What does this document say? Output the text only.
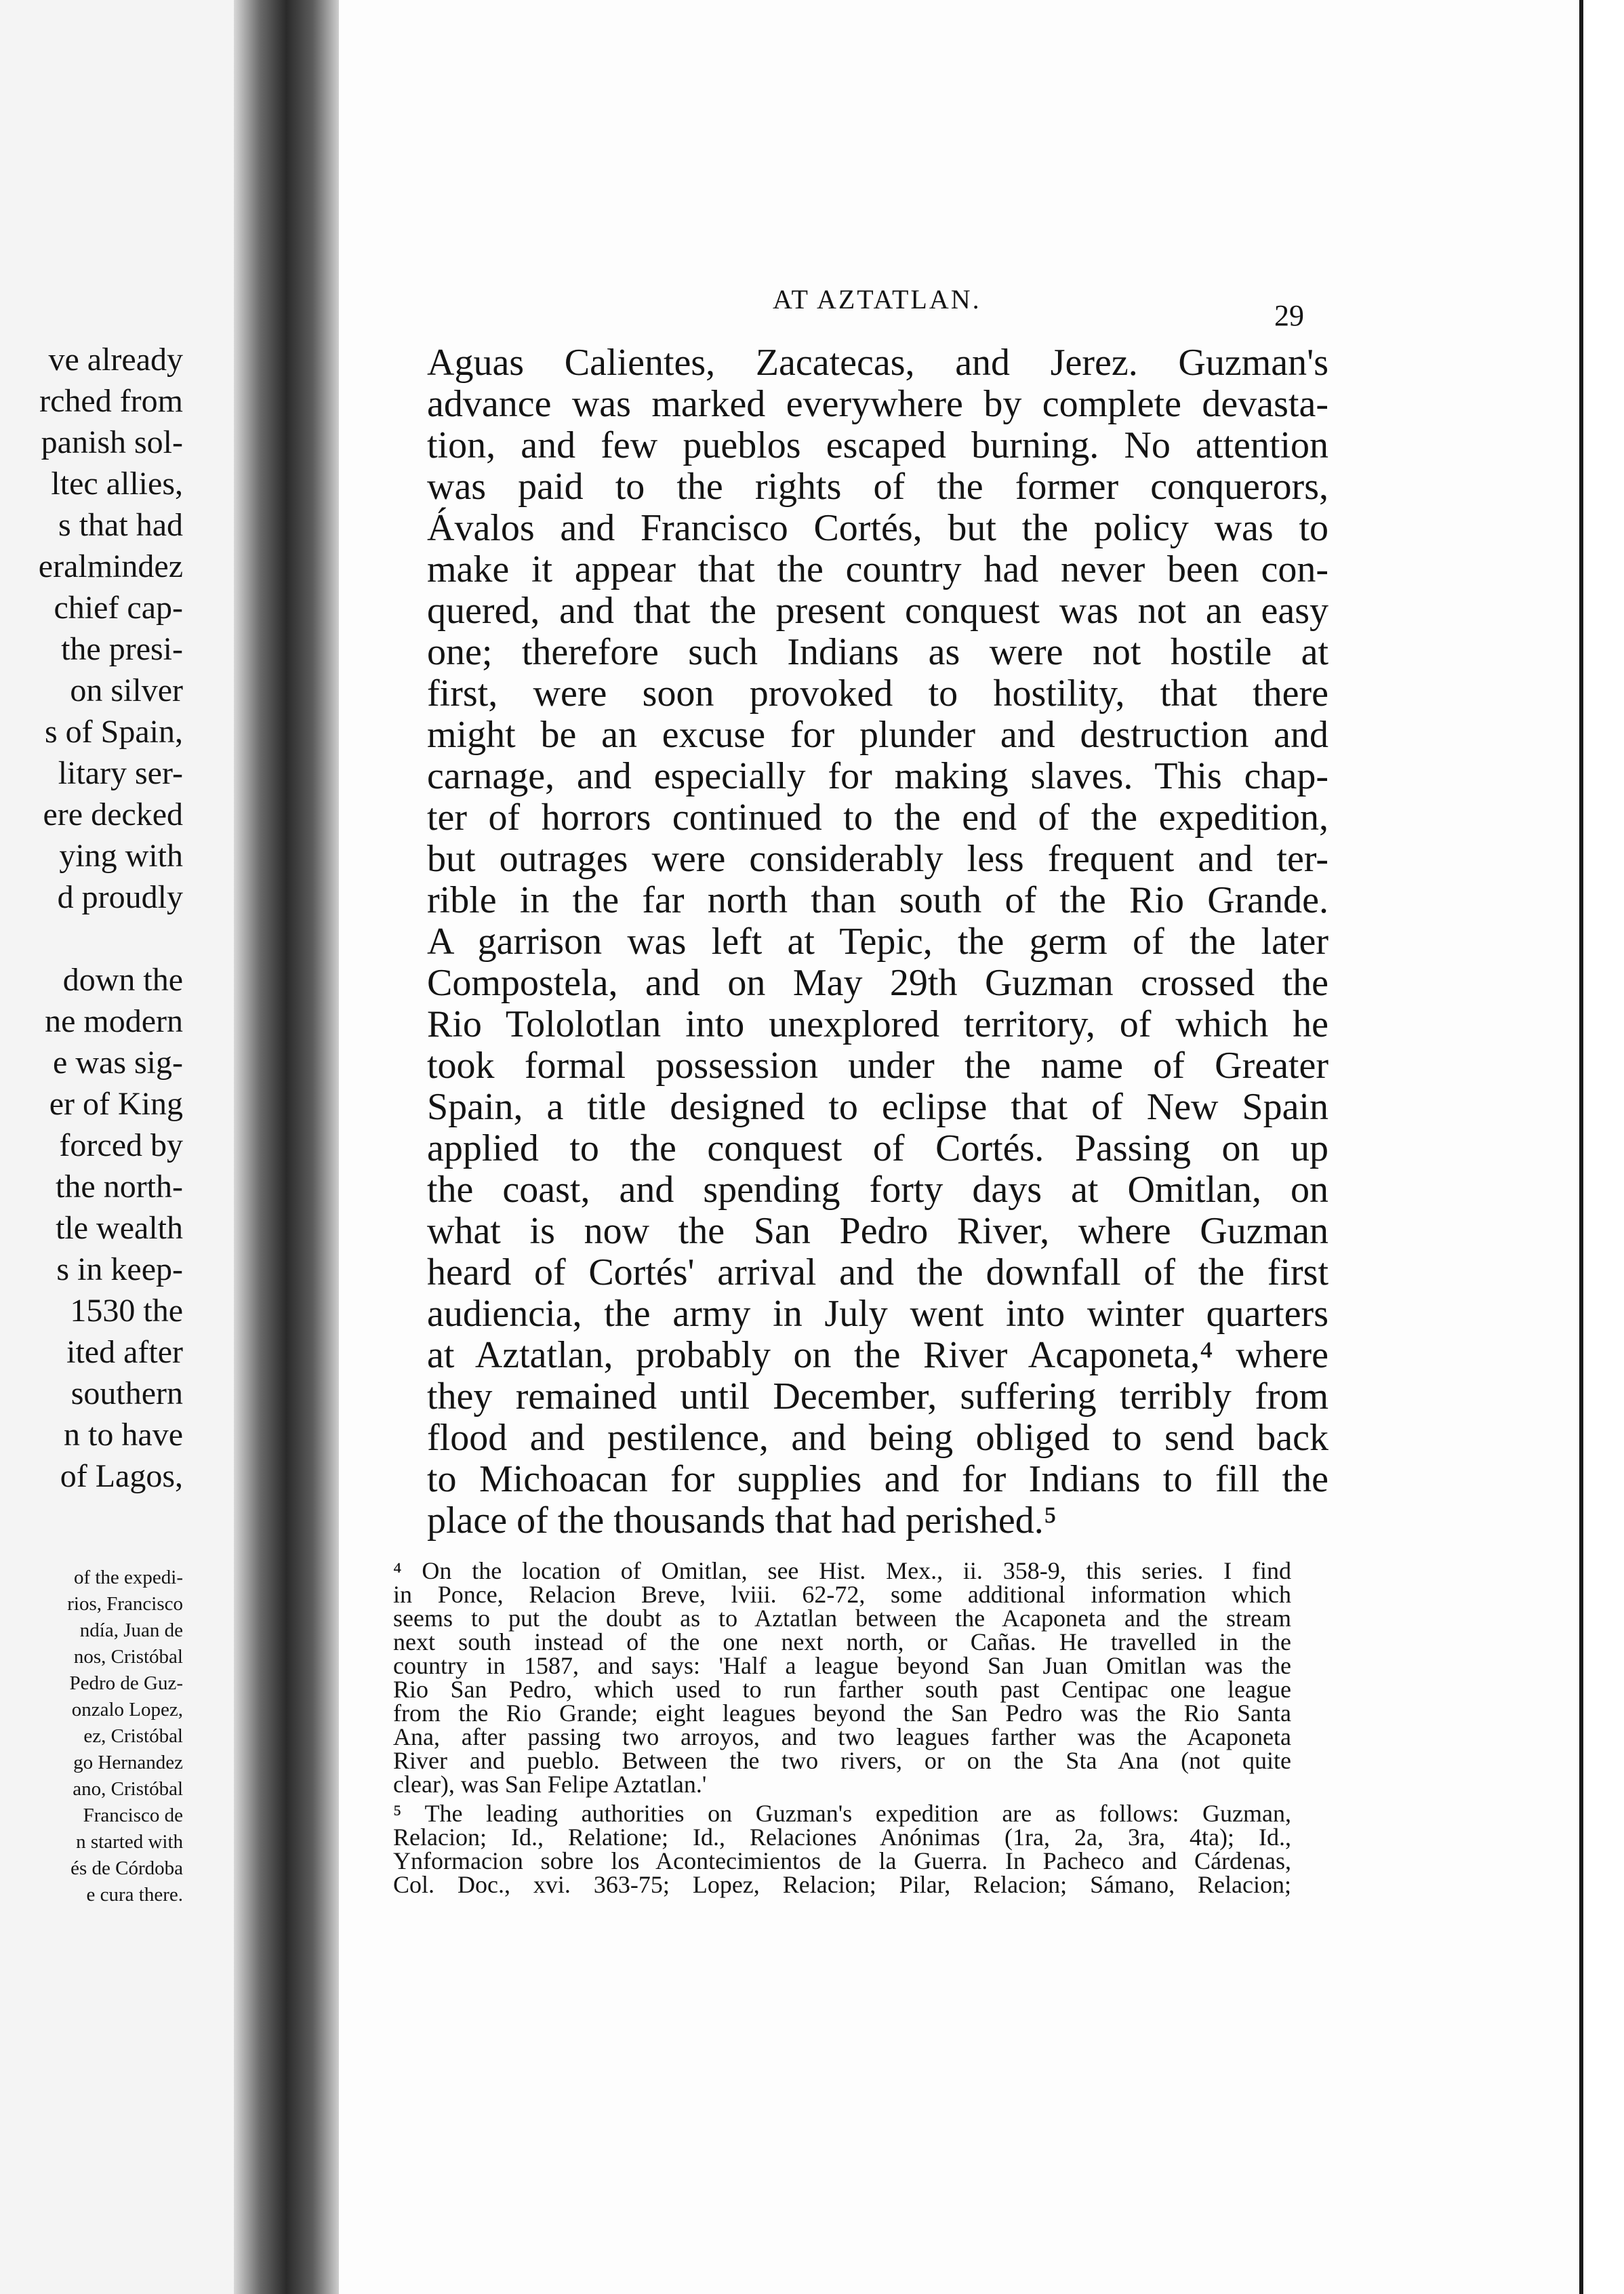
ve already
rched from
panish sol-
ltec allies,
s that had
eralmindez
chief cap-
the presi-
on silver
s of Spain,
litary ser-
ere decked
ying with
d proudly
down the
ne modern
e was sig-
er of King
forced by
the north-
tle wealth
s in keep-
1530 the
ited after
southern
n to have
of Lagos,
of the expedi-
rios, Francisco
ndía, Juan de
nos, Cristóbal
Pedro de Guz-
onzalo Lopez,
ez, Cristóbal
go Hernandez
ano, Cristóbal
Francisco de
n started with
és de Córdoba
e cura there.
AT AZTATLAN.	29
Aguas Calientes, Zacatecas, and Jerez. Guzman's
advance was marked everywhere by complete devasta-
tion, and few pueblos escaped burning. No attention
was paid to the rights of the former conquerors,
Ávalos and Francisco Cortés, but the policy was to
make it appear that the country had never been con-
quered, and that the present conquest was not an easy
one; therefore such Indians as were not hostile at
first, were soon provoked to hostility, that there
might be an excuse for plunder and destruction and
carnage, and especially for making slaves. This chap-
ter of horrors continued to the end of the expedition,
but outrages were considerably less frequent and ter-
rible in the far north than south of the Rio Grande.
A garrison was left at Tepic, the germ of the later
Compostela, and on May 29th Guzman crossed the
Rio Tololotlan into unexplored territory, of which he
took formal possession under the name of Greater
Spain, a title designed to eclipse that of New Spain
applied to the conquest of Cortés. Passing on up
the coast, and spending forty days at Omitlan, on
what is now the San Pedro River, where Guzman
heard of Cortés' arrival and the downfall of the first
audiencia, the army in July went into winter quarters
at Aztatlan, probably on the River Acaponeta,⁴ where
they remained until December, suffering terribly from
flood and pestilence, and being obliged to send back
to Michoacan for supplies and for Indians to fill the
place of the thousands that had perished.⁵
⁴ On the location of Omitlan, see Hist. Mex., ii. 358-9, this series. I find
in Ponce, Relacion Breve, lviii. 62-72, some additional information which
seems to put the doubt as to Aztatlan between the Acaponeta and the stream
next south instead of the one next north, or Cañas. He travelled in the
country in 1587, and says: 'Half a league beyond San Juan Omitlan was the
Rio San Pedro, which used to run farther south past Centipac one league
from the Rio Grande; eight leagues beyond the San Pedro was the Rio Santa
Ana, after passing two arroyos, and two leagues farther was the Acaponeta
River and pueblo. Between the two rivers, or on the Sta Ana (not quite
clear), was San Felipe Aztatlan.'
⁵ The leading authorities on Guzman's expedition are as follows: Guzman,
Relacion; Id., Relatione; Id., Relaciones Anónimas (1ra, 2a, 3ra, 4ta); Id.,
Ynformacion sobre los Acontecimientos de la Guerra. In Pacheco and Cárdenas,
Col. Doc., xvi. 363-75; Lopez, Relacion; Pilar, Relacion; Sámano, Relacion;
